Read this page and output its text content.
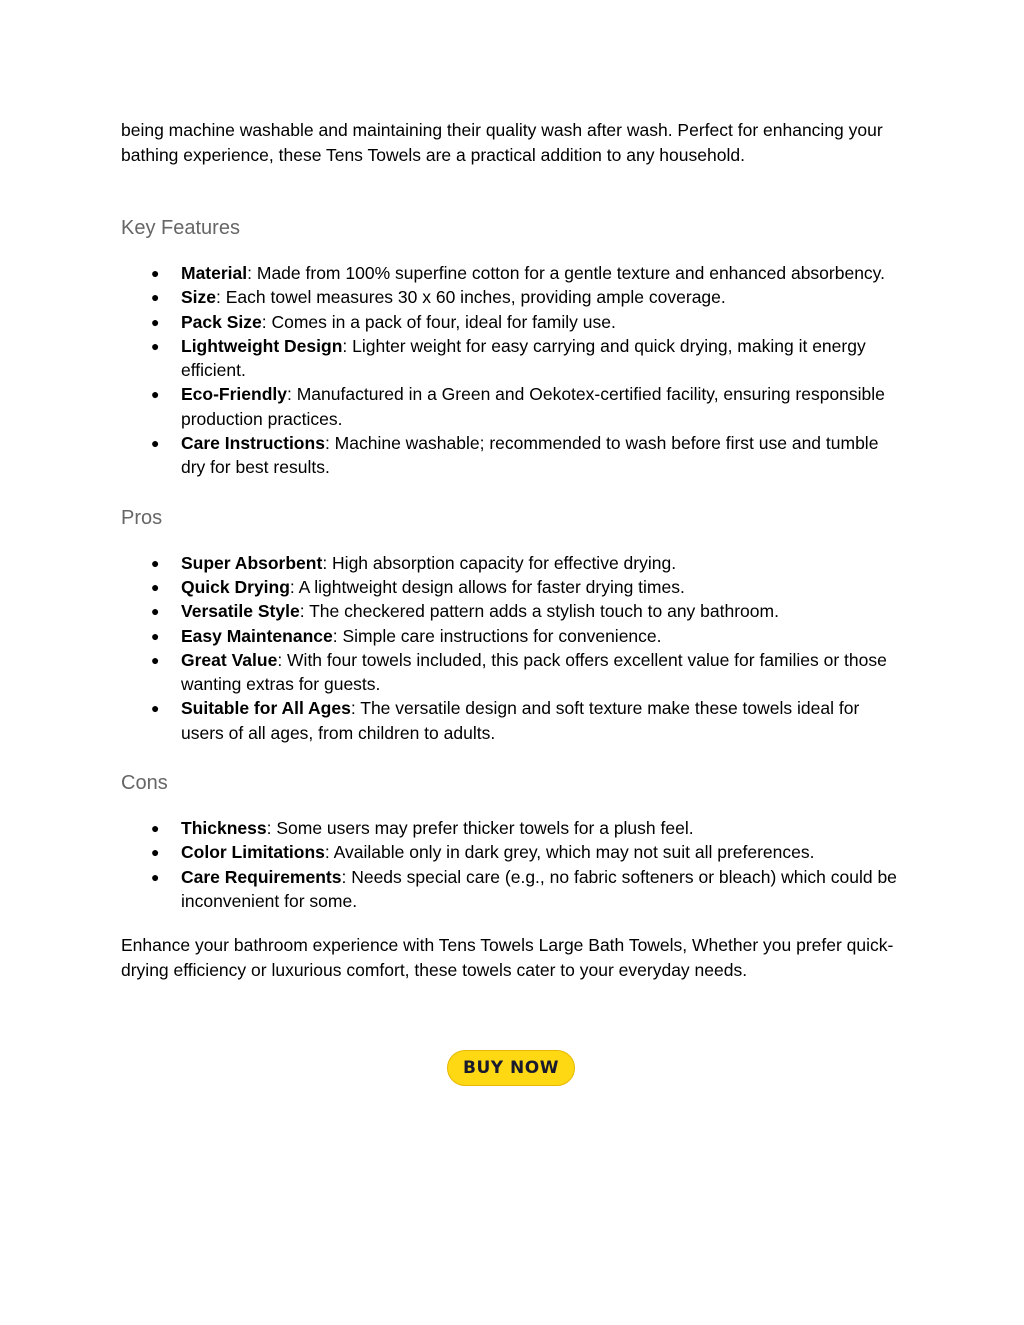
being machine washable and maintaining their quality wash after wash. Perfect for enhancing your bathing experience, these Tens Towels are a practical addition to any household.

Key Features
● Material: Made from 100% superfine cotton for a gentle texture and enhanced absorbency.
● Size: Each towel measures 30 x 60 inches, providing ample coverage.
● Pack Size: Comes in a pack of four, ideal for family use.
● Lightweight Design: Lighter weight for easy carrying and quick drying, making it energy efficient.
● Eco-Friendly: Manufactured in a Green and Oekotex-certified facility, ensuring responsible production practices.
● Care Instructions: Machine washable; recommended to wash before first use and tumble dry for best results.
Pros
● Super Absorbent: High absorption capacity for effective drying.
● Quick Drying: A lightweight design allows for faster drying times.
● Versatile Style: The checkered pattern adds a stylish touch to any bathroom.
● Easy Maintenance: Simple care instructions for convenience.
● Great Value: With four towels included, this pack offers excellent value for families or those wanting extras for guests.
● Suitable for All Ages: The versatile design and soft texture make these towels ideal for users of all ages, from children to adults.
Cons
● Thickness: Some users may prefer thicker towels for a plush feel.
● Color Limitations: Available only in dark grey, which may not suit all preferences.
● Care Requirements: Needs special care (e.g., no fabric softeners or bleach) which could be inconvenient for some.

Enhance your bathroom experience with Tens Towels Large Bath Towels, Whether you prefer quick-drying efficiency or luxurious comfort, these towels cater to your everyday needs.

BUY NOW
